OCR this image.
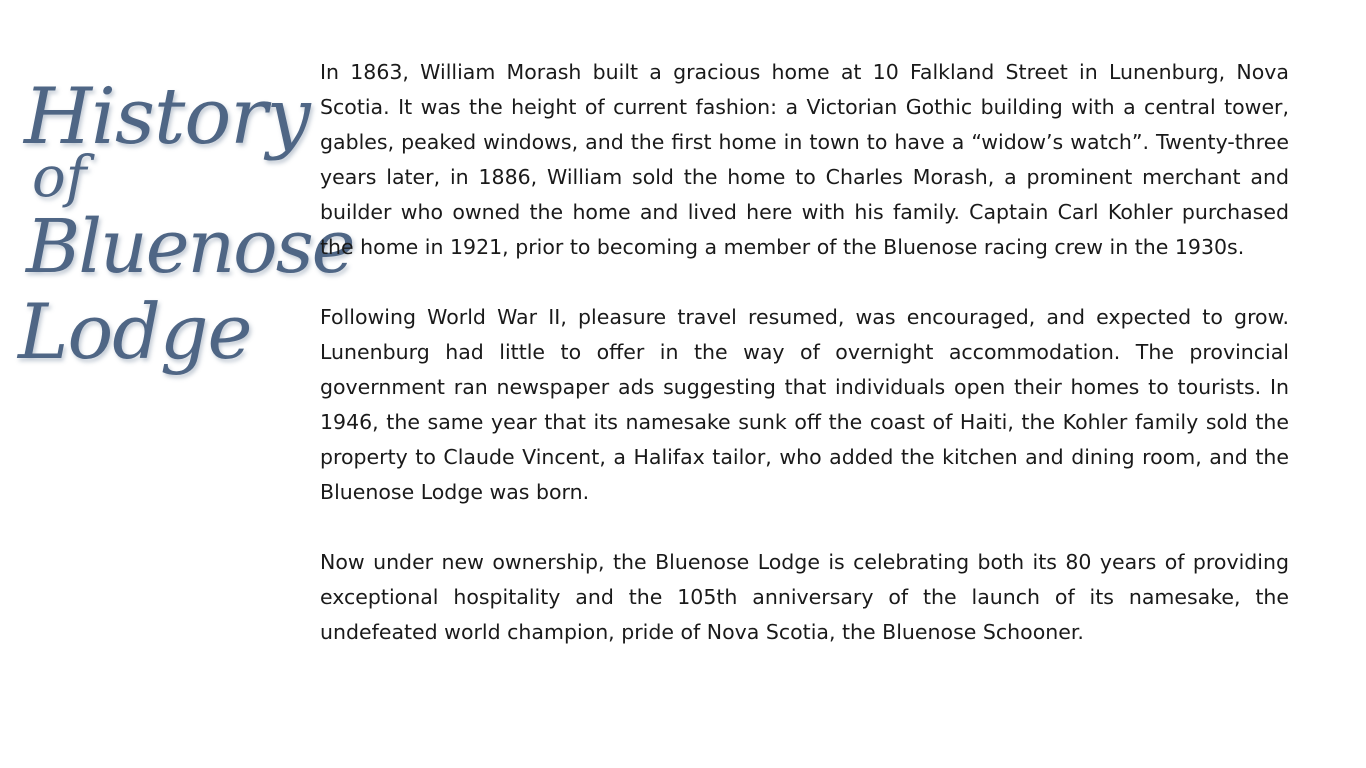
History
of
Bluenose
Lodge

In 1863, William Morash built a gracious home at 10 Falkland Street in Lunenburg, Nova Scotia. It was the height of current fashion: a Victorian Gothic building with a central tower, gables, peaked windows, and the first home in town to have a “widow’s watch”. Twenty-three years later, in 1886, William sold the home to Charles Morash, a prominent merchant and builder who owned the home and lived here with his family. Captain Carl Kohler purchased the home in 1921, prior to becoming a member of the Bluenose racing crew in the 1930s.

Following World War II, pleasure travel resumed, was encouraged, and expected to grow. Lunenburg had little to offer in the way of overnight accommodation. The provincial government ran newspaper ads suggesting that individuals open their homes to tourists. In 1946, the same year that its namesake sunk off the coast of Haiti, the Kohler family sold the property to Claude Vincent, a Halifax tailor, who added the kitchen and dining room, and the Bluenose Lodge was born.

Now under new ownership, the Bluenose Lodge is celebrating both its 80 years of providing exceptional hospitality and the 105th anniversary of the launch of its namesake, the undefeated world champion, pride of Nova Scotia, the Bluenose Schooner.
